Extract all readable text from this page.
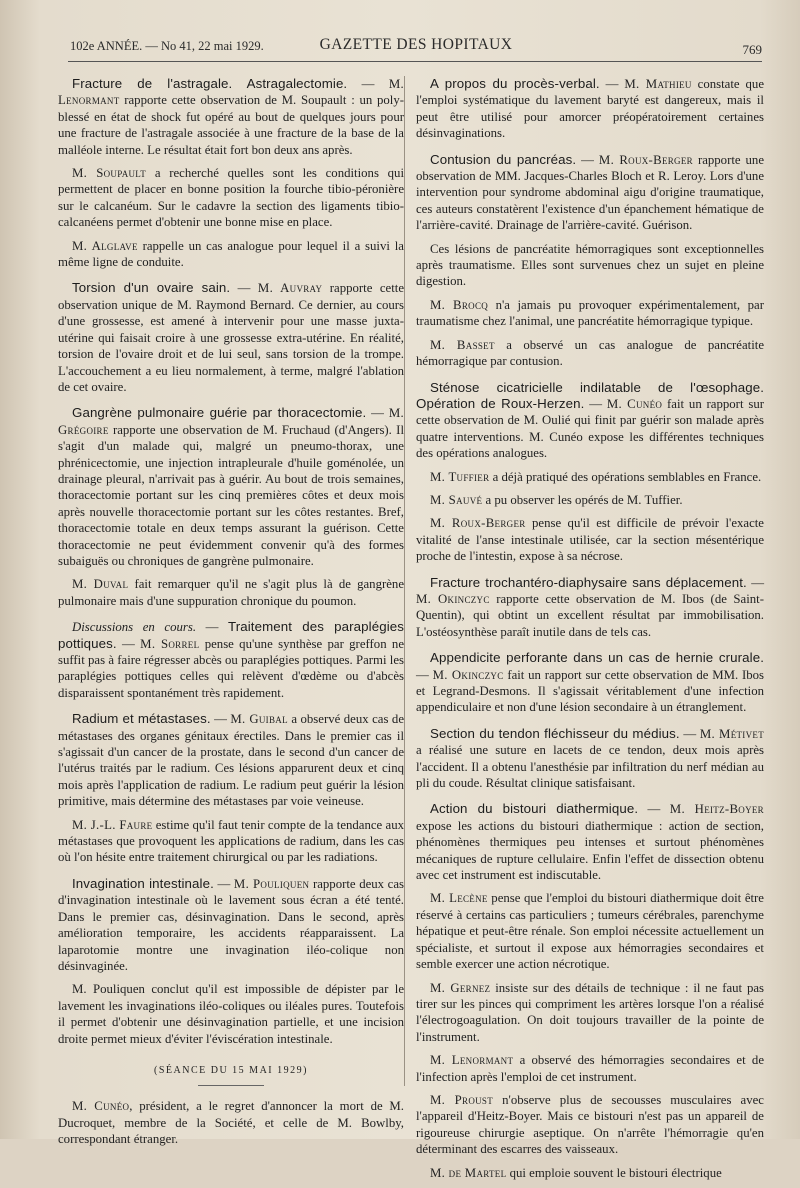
102e ANNÉE. — No 41, 22 mai 1929.	GAZETTE DES HOPITAUX	769

Fracture de l'astragale. Astragalectomie. — M. Lenormant rapporte cette observation de M. Soupault : un poly-blessé en état de shock fut opéré au bout de quelques jours pour une fracture de l'astragale associée à une fracture de la base de la malléole interne. Le résultat était fort bon deux ans après.

M. Soupault a recherché quelles sont les conditions qui permettent de placer en bonne position la fourche tibio-péronière sur le calcanéum. Sur le cadavre la section des ligaments tibio-calcanéens permet d'obtenir une bonne mise en place.

M. Alglave rappelle un cas analogue pour lequel il a suivi la même ligne de conduite.

Torsion d'un ovaire sain. — M. Auvray rapporte cette observation unique de M. Raymond Bernard. Ce dernier, au cours d'une grossesse, est amené à intervenir pour une masse juxta-utérine qui faisait croire à une grossesse extra-utérine. En réalité, torsion de l'ovaire droit et de lui seul, sans torsion de la trompe. L'accouchement a eu lieu normalement, à terme, malgré l'ablation de cet ovaire.

Gangrène pulmonaire guérie par thoracectomie. — M. Grégoire rapporte une observation de M. Fruchaud (d'Angers). Il s'agit d'un malade qui, malgré un pneumo-thorax, une phrénicectomie, une injection intrapleurale d'huile goménolée, un drainage pleural, n'arrivait pas à guérir. Au bout de trois semaines, thoracectomie portant sur les cinq premières côtes et deux mois après nouvelle thoracectomie portant sur les côtes restantes. Bref, thoracectomie totale en deux temps assurant la guérison. Cette thoracectomie ne peut évidemment convenir qu'à des formes subaiguës ou chroniques de gangrène pulmonaire.

M. Duval fait remarquer qu'il ne s'agit plus là de gangrène pulmonaire mais d'une suppuration chronique du poumon.

Discussions en cours. — Traitement des paraplégies pottiques. — M. Sorrel pense qu'une synthèse par greffon ne suffit pas à faire régresser abcès ou paraplégies pottiques. Parmi les paraplégies pottiques celles qui relèvent d'œdème ou d'abcès disparaissent spontanément très rapidement.

Radium et métastases. — M. Guibal a observé deux cas de métastases des organes génitaux érectiles. Dans le premier cas il s'agissait d'un cancer de la prostate, dans le second d'un cancer de l'utérus traités par le radium. Ces lésions apparurent deux et cinq mois après l'application de radium. Le radium peut guérir la lésion primitive, mais détermine des métastases par voie veineuse.

M. J.-L. Faure estime qu'il faut tenir compte de la tendance aux métastases que provoquent les applications de radium, dans les cas où l'on hésite entre traitement chirurgical ou par les radiations.

Invagination intestinale. — M. Pouliquen rapporte deux cas d'invagination intestinale où le lavement sous écran a été tenté. Dans le premier cas, désinvagination. Dans le second, après amélioration temporaire, les accidents réapparaissent. La laparotomie montre une invagination iléo-colique non désinvaginée.

M. Pouliquen conclut qu'il est impossible de dépister par le lavement les invaginations iléo-coliques ou iléales pures. Toutefois il permet d'obtenir une désinvagination partielle, et une incision droite permet mieux d'éviter l'éviscération intestinale.

(SÉANCE DU 15 MAI 1929)

M. Cunéo, président, a le regret d'annoncer la mort de M. Ducroquet, membre de la Société, et celle de M. Bowlby, correspondant étranger.

A propos du procès-verbal. — M. Mathieu constate que l'emploi systématique du lavement baryté est dangereux, mais il peut être utilisé pour amorcer préopératoirement certaines désinvaginations.

Contusion du pancréas. — M. Roux-Berger rapporte une observation de MM. Jacques-Charles Bloch et R. Leroy. Lors d'une intervention pour syndrome abdominal aigu d'origine traumatique, ces auteurs constatèrent l'existence d'un épanchement hématique de l'arrière-cavité. Drainage de l'arrière-cavité. Guérison.

Ces lésions de pancréatite hémorragiques sont exceptionnelles après traumatisme. Elles sont survenues chez un sujet en pleine digestion.

M. Brocq n'a jamais pu provoquer expérimentalement, par traumatisme chez l'animal, une pancréatite hémorragique typique.

M. Basset a observé un cas analogue de pancréatite hémorragique par contusion.

Sténose cicatricielle indilatable de l'œsophage. Opération de Roux-Herzen. — M. Cunéo fait un rapport sur cette observation de M. Oulié qui finit par guérir son malade après quatre interventions. M. Cunéo expose les différentes techniques des opérations analogues.

M. Tuffier a déjà pratiqué des opérations semblables en France.

M. Sauvé a pu observer les opérés de M. Tuffier.

M. Roux-Berger pense qu'il est difficile de prévoir l'exacte vitalité de l'anse intestinale utilisée, car la section mésentérique proche de l'intestin, expose à sa nécrose.

Fracture trochantéro-diaphysaire sans déplacement. — M. Okinczyc rapporte cette observation de M. Ibos (de Saint-Quentin), qui obtint un excellent résultat par immobilisation. L'ostéosynthèse paraît inutile dans de tels cas.

Appendicite perforante dans un cas de hernie crurale. — M. Okinczyc fait un rapport sur cette observation de MM. Ibos et Legrand-Desmons. Il s'agissait véritablement d'une infection appendiculaire et non d'une lésion secondaire à un étranglement.

Section du tendon fléchisseur du médius. — M. Métivet a réalisé une suture en lacets de ce tendon, deux mois après l'accident. Il a obtenu l'anesthésie par infiltration du nerf médian au pli du coude. Résultat clinique satisfaisant.

Action du bistouri diathermique. — M. Heitz-Boyer expose les actions du bistouri diathermique : action de section, phénomènes thermiques peu intenses et surtout phénomènes mécaniques de rupture cellulaire. Enfin l'effet de dissection obtenu avec cet instrument est indiscutable.

M. Lecène pense que l'emploi du bistouri diathermique doit être réservé à certains cas particuliers ; tumeurs cérébrales, parenchyme hépatique et peut-être rénale. Son emploi nécessite actuellement un spécialiste, et surtout il expose aux hémorragies secondaires et semble exercer une action nécrotique.

M. Gernez insiste sur des détails de technique : il ne faut pas tirer sur les pinces qui compriment les artères lorsque l'on a réalisé l'électrogoagulation. On doit toujours travailler de la pointe de l'instrument.

M. Lenormant a observé des hémorragies secondaires et de l'infection après l'emploi de cet instrument.

M. Proust n'observe plus de secousses musculaires avec l'appareil d'Heitz-Boyer. Mais ce bistouri n'est pas un appareil de rigoureuse chirurgie aseptique. On n'arrête l'hémorragie qu'en déterminant des escarres des vaisseaux.

M. de Martel qui emploie souvent le bistouri électrique
